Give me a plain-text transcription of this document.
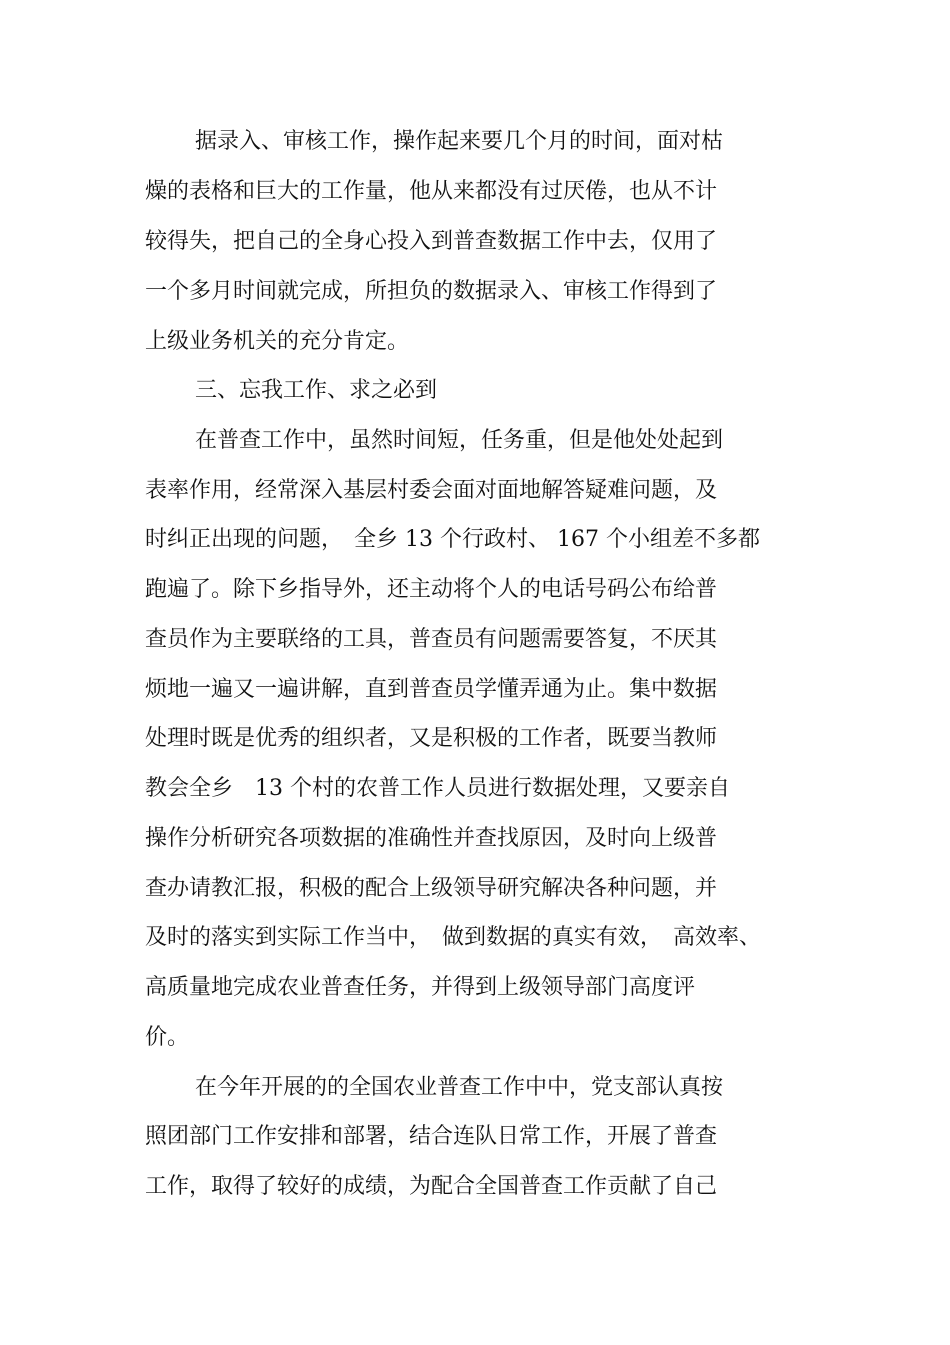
据录入、审核工作，操作起来要几个月的时间，面对枯

燥的表格和巨大的工作量，他从来都没有过厌倦，也从不计

较得失，把自己的全身心投入到普查数据工作中去，仅用了

一个多月时间就完成，所担负的数据录入、审核工作得到了

上级业务机关的充分肯定。

三、忘我工作、求之必到

在普查工作中，虽然时间短，任务重，但是他处处起到

表率作用，经常深入基层村委会面对面地解答疑难问题，及

时纠正出现的问题，　全乡 13 个行政村、 167 个小组差不多都

跑遍了。除下乡指导外，还主动将个人的电话号码公布给普

查员作为主要联络的工具，普查员有问题需要答复，不厌其

烦地一遍又一遍讲解，直到普查员学懂弄通为止。集中数据

处理时既是优秀的组织者，又是积极的工作者，既要当教师

教会全乡　13 个村的农普工作人员进行数据处理，又要亲自

操作分析研究各项数据的准确性并查找原因，及时向上级普

查办请教汇报，积极的配合上级领导研究解决各种问题，并

及时的落实到实际工作当中，　做到数据的真实有效，　高效率、

高质量地完成农业普查任务，并得到上级领导部门高度评

价。

在今年开展的的全国农业普查工作中中，党支部认真按

照团部门工作安排和部署，结合连队日常工作，开展了普查

工作，取得了较好的成绩，为配合全国普查工作贡献了自己
